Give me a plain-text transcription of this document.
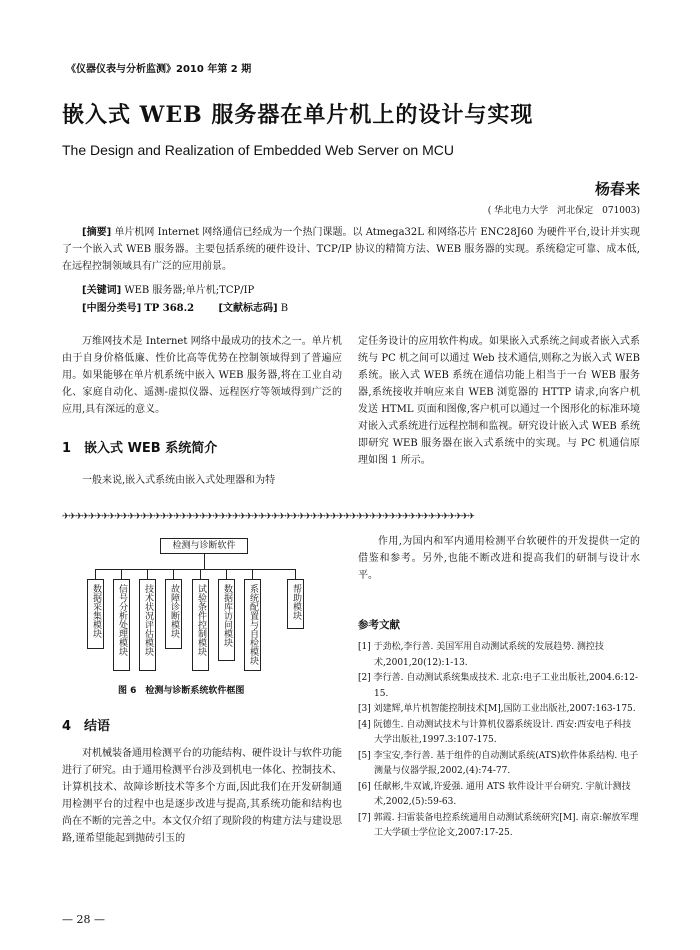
《仪器仪表与分析监测》2010 年第 2 期
嵌入式 WEB 服务器在单片机上的设计与实现
The Design and Realization of Embedded Web Server on MCU
杨春来
( 华北电力大学　河北保定　071003)
[摘要] 单片机网 Internet 网络通信已经成为一个热门课题。以 Atmega32L 和网络芯片 ENC28J60 为硬件平台,设计并实现了一个嵌入式 WEB 服务器。主要包括系统的硬件设计、TCP/IP 协议的精简方法、WEB 服务器的实现。系统稳定可靠、成本低,在远程控制领域具有广泛的应用前景。
[关键词] WEB 服务器;单片机;TCP/IP
[中图分类号] TP 368.2 [文献标志码] B
万维网技术是 Internet 网络中最成功的技术之一。单片机由于自身价格低廉、性价比高等优势在控制领域得到了普遍应用。如果能够在单片机系统中嵌入 WEB 服务器,将在工业自动化、家庭自动化、遥测-虚拟仪器、远程医疗等领域得到广泛的应用,具有深远的意义。
1　嵌入式 WEB 系统简介
一般来说,嵌入式系统由嵌入式处理器和为特
定任务设计的应用软件构成。如果嵌入式系统之间或者嵌入式系统与 PC 机之间可以通过 Web 技术通信,则称之为嵌入式 WEB 系统。嵌入式 WEB 系统在通信功能上相当于一台 WEB 服务器,系统接收并响应来自 WEB 浏览器的 HTTP 请求,向客户机发送 HTML 页面和图像,客户机可以通过一个图形化的标准环境对嵌入式系统进行远程控制和监视。研究设计嵌入式 WEB 系统即研究 WEB 服务器在嵌入式系统中的实现。与 PC 机通信原理如图 1 所示。
✈✈✈✈✈✈✈✈✈✈✈✈✈✈✈✈✈✈✈✈✈✈✈✈✈✈✈✈✈✈✈✈✈✈✈✈✈✈✈✈✈✈✈✈✈✈✈✈✈✈✈✈✈✈✈✈✈✈✈✈✈✈✈
检测与诊断软件
数据采集模块	信号分析处理模块	技术状况评估模块	故障诊断模块	试验条件控制模块	数据库访问模块	系统配置与自检模块	帮助模块
图 6　检测与诊断系统软件框图
4　结语
对机械装备通用检测平台的功能结构、硬件设计与软件功能进行了研究。由于通用检测平台涉及到机电一体化、控制技术、计算机技术、故障诊断技术等多个方面,因此我们在开发研制通用检测平台的过程中也是逐步改进与提高,其系统功能和结构也尚在不断的完善之中。本文仅介绍了现阶段的构建方法与建设思路,谨希望能起到抛砖引玉的
作用,为国内和军内通用检测平台软硬件的开发提供一定的借鉴和参考。另外,也能不断改进和提高我们的研制与设计水平。
参考文献
[1] 于劲松,李行善. 美国军用自动测试系统的发展趋势. 测控技术,2001,20(12):1-13.
[2] 李行善. 自动测试系统集成技术. 北京:电子工业出版社,2004.6:12-15.
[3] 刘建辉,单片机智能控制技术[M],国防工业出版社,2007:163-175.
[4] 阮德生. 自动测试技术与计算机仪器系统设计. 西安:西安电子科技大学出版社,1997.3:107-175.
[5] 李宝安,李行善. 基于组件的自动测试系统(ATS)软件体系结构. 电子测量与仪器学报,2002,(4):74-77.
[6] 任献彬,牛双诚,许爱强. 通用 ATS 软件设计平台研究. 宇航计测技术,2002,(5):59-63.
[7] 郭霞. 扫雷装备电控系统通用自动测试系统研究[M]. 南京:解放军理工大学硕士学位论文,2007:17-25.
— 28 —
